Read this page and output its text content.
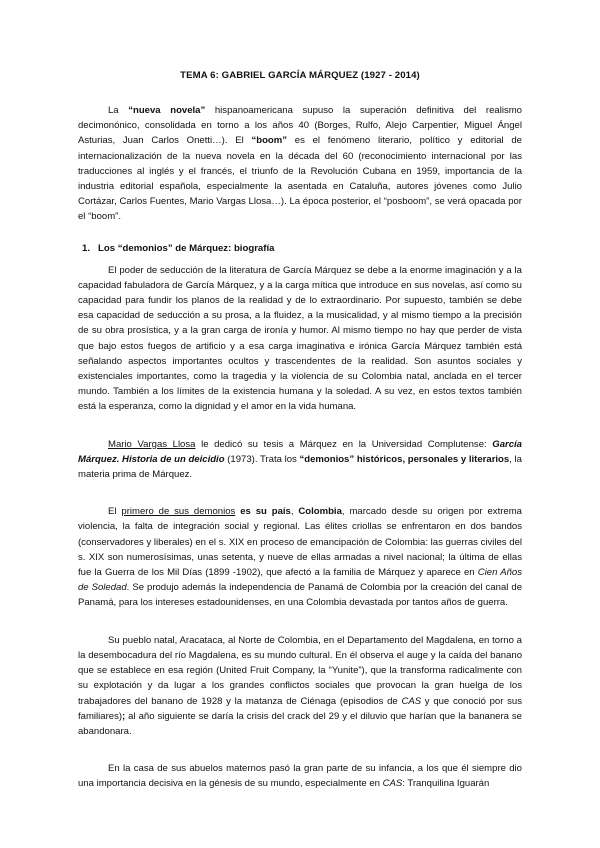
TEMA 6: GABRIEL GARCÍA MÁRQUEZ (1927 - 2014)

La “nueva novela” hispanoamericana supuso la superación definitiva del realismo decimonónico, consolidada en torno a los años 40 (Borges, Rulfo, Alejo Carpentier, Miguel Ángel Asturias, Juan Carlos Onetti…). El “boom” es el fenómeno literario, político y editorial de internacionalización de la nueva novela en la década del 60 (reconocimiento internacional por las traducciones al inglés y el francés, el triunfo de la Revolución Cubana en 1959, importancia de la industria editorial española, especialmente la asentada en Cataluña, autores jóvenes como Julio Cortázar, Carlos Fuentes, Mario Vargas Llosa…). La época posterior, el “posboom”, se verá opacada por el “boom”.

1. Los “demonios” de Márquez: biografía

El poder de seducción de la literatura de García Márquez se debe a la enorme imaginación y a la capacidad fabuladora de García Márquez, y a la carga mítica que introduce en sus novelas, así como su capacidad para fundir los planos de la realidad y de lo extraordinario. Por supuesto, también se debe esa capacidad de seducción a su prosa, a la fluidez, a la musicalidad, y al mismo tiempo a la precisión de su obra prosística, y a la gran carga de ironía y humor. Al mismo tiempo no hay que perder de vista que bajo estos fuegos de artificio y a esa carga imaginativa e irónica García Márquez también está señalando aspectos importantes ocultos y trascendentes de la realidad. Son asuntos sociales y existenciales importantes, como la tragedia y la violencia de su Colombia natal, anclada en el tercer mundo. También a los límites de la existencia humana y la soledad. A su vez, en estos textos también está la esperanza, como la dignidad y el amor en la vida humana.

Mario Vargas Llosa le dedicó su tesis a Márquez en la Universidad Complutense: García Márquez. Historia de un deicidio (1973). Trata los “demonios” históricos, personales y literarios, la materia prima de Márquez.

El primero de sus demonios es su país, Colombia, marcado desde su origen por extrema violencia, la falta de integración social y regional. Las élites criollas se enfrentaron en dos bandos (conservadores y liberales) en el s. XIX en proceso de emancipación de Colombia: las guerras civiles del s. XIX son numerosísimas, unas setenta, y nueve de ellas armadas a nivel nacional; la última de ellas fue la Guerra de los Mil Días (1899 -1902), que afectó a la familia de Márquez y aparece en Cien Años de Soledad. Se produjo además la independencia de Panamá de Colombia por la creación del canal de Panamá, para los intereses estadounidenses, en una Colombia devastada por tantos años de guerra.

Su pueblo natal, Aracataca, al Norte de Colombia, en el Departamento del Magdalena, en torno a la desembocadura del río Magdalena, es su mundo cultural. En él observa el auge y la caída del banano que se establece en esa región (United Fruit Company, la “Yunite”), que la transforma radicalmente con su explotación y da lugar a los grandes conflictos sociales que provocan la gran huelga de los trabajadores del banano de 1928 y la matanza de Ciénaga (episodios de CAS y que conoció por sus familiares); al año siguiente se daría la crisis del crack del 29 y el diluvio que harían que la bananera se abandonara.

En la casa de sus abuelos maternos pasó la gran parte de su infancia, a los que él siempre dio una importancia decisiva en la génesis de su mundo, especialmente en CAS: Tranquilina Iguarán
